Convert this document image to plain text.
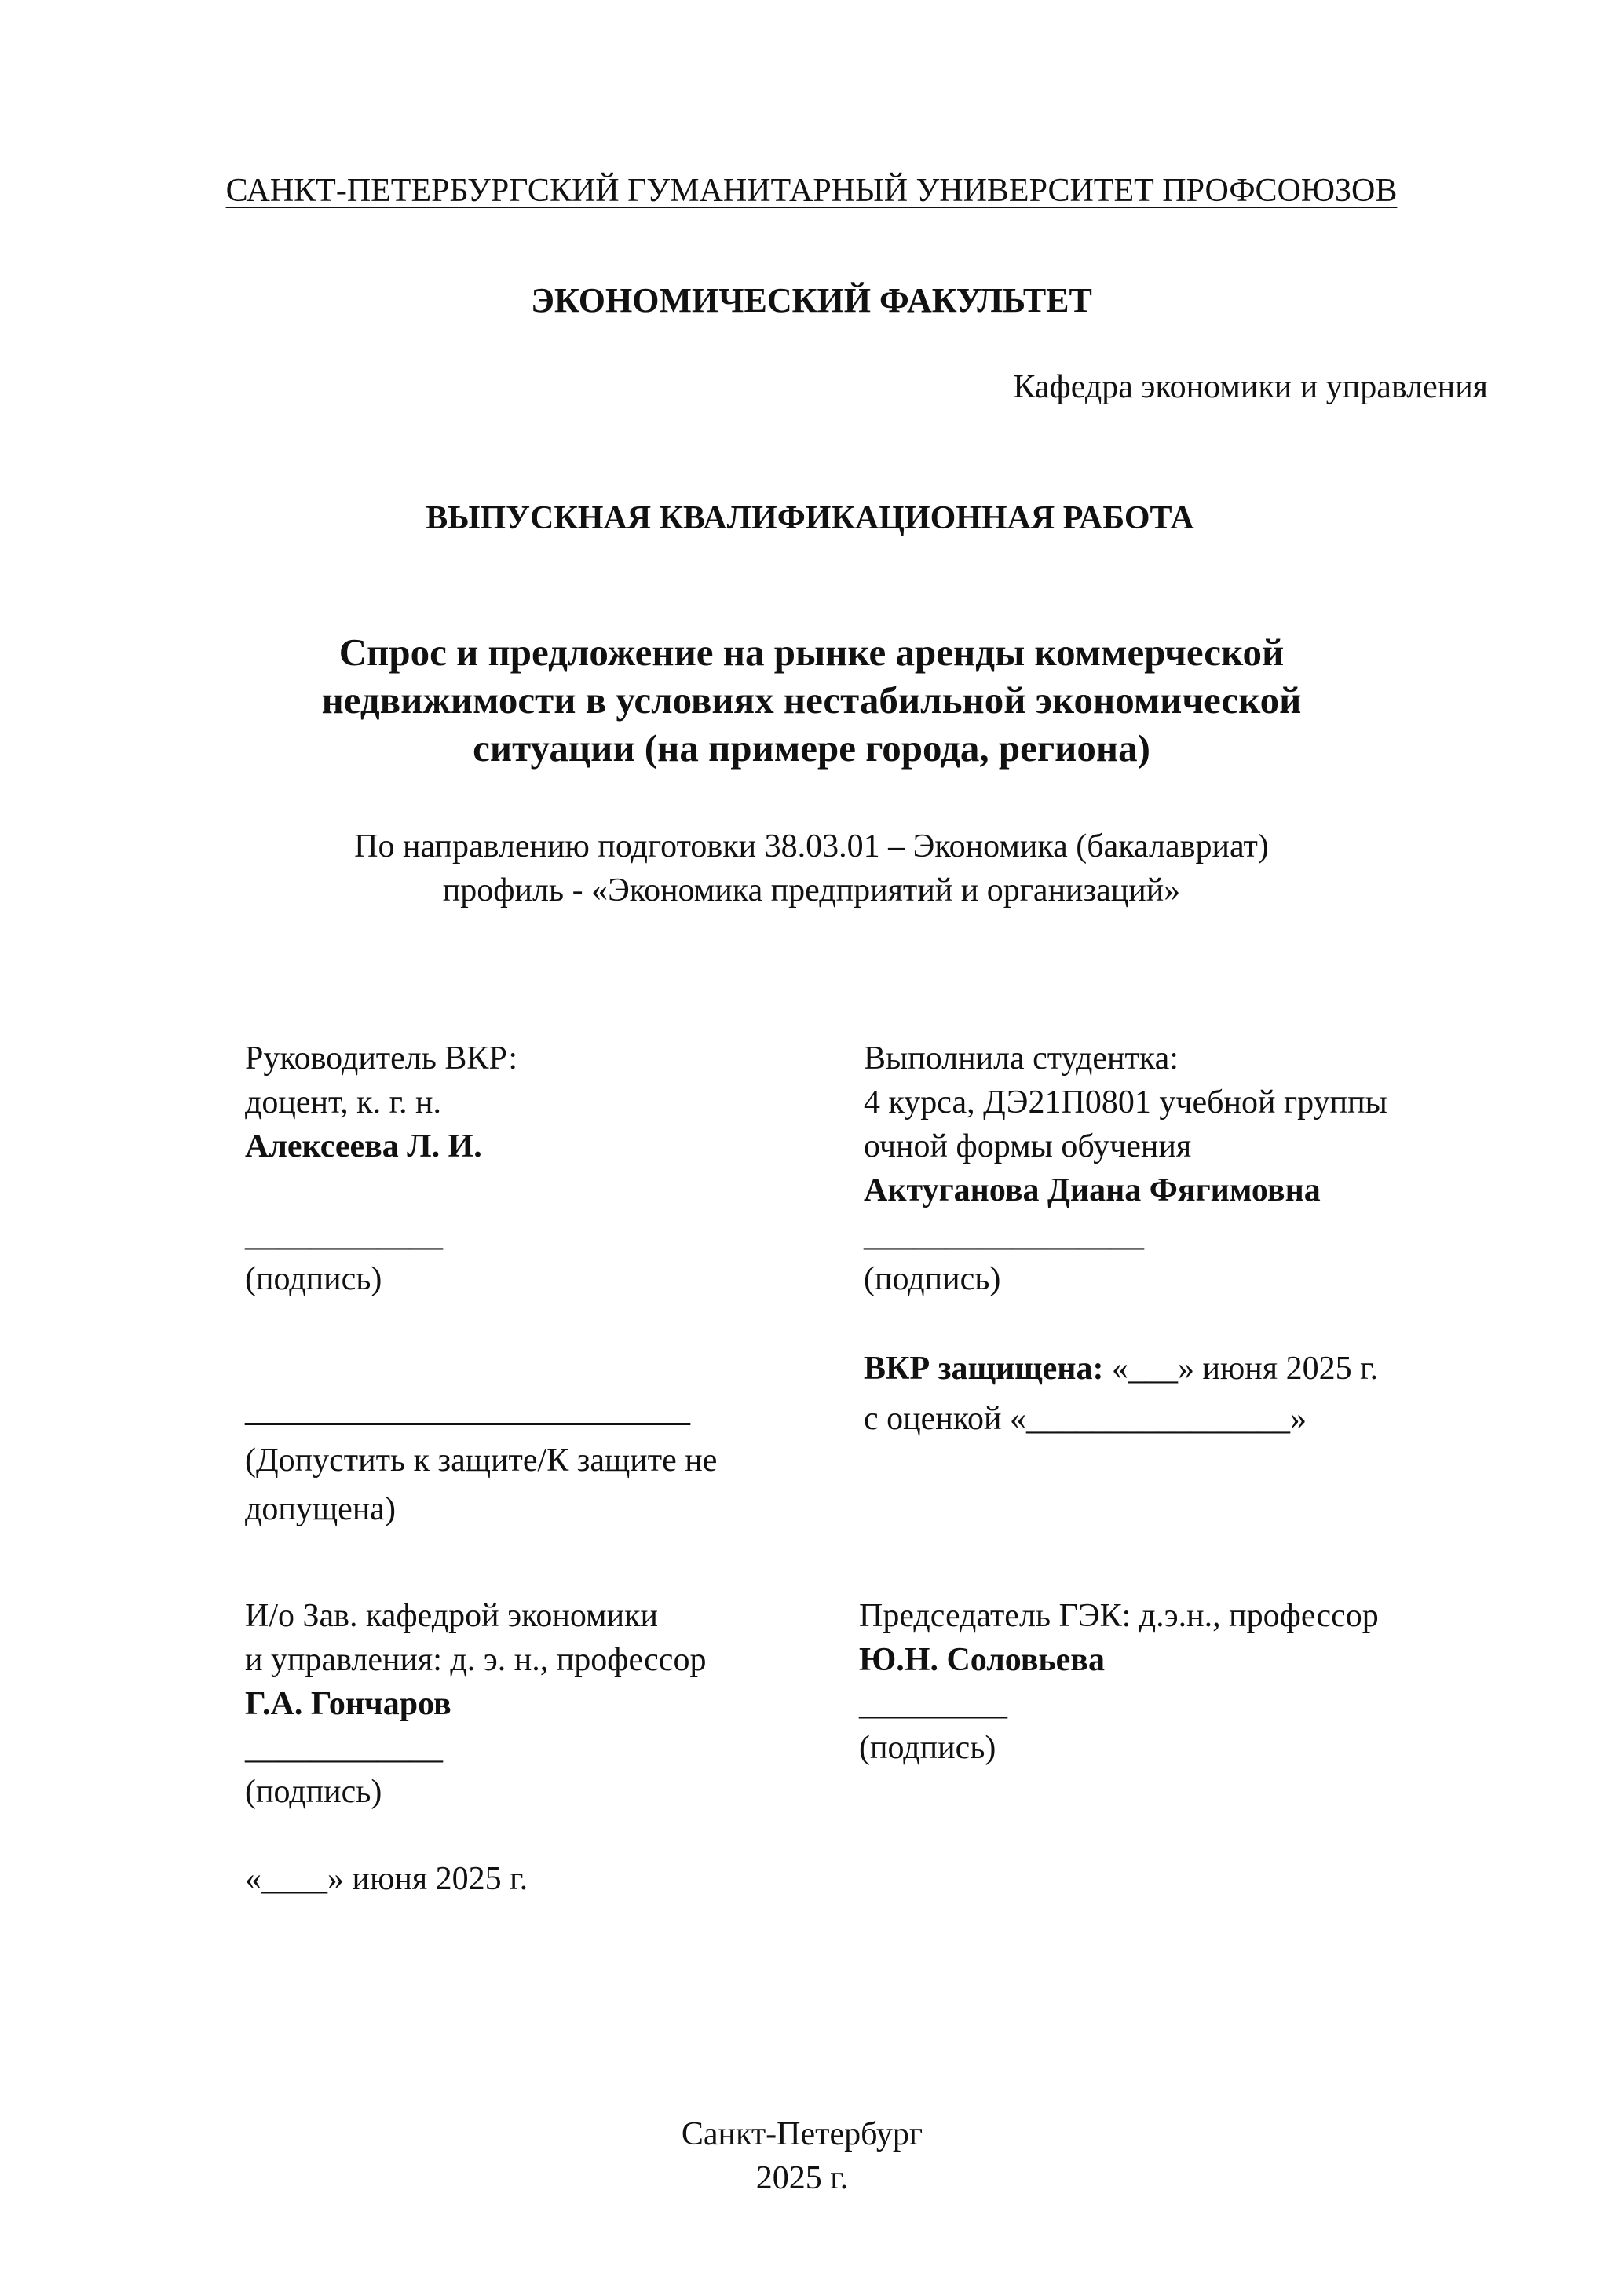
САНКТ-ПЕТЕРБУРГСКИЙ ГУМАНИТАРНЫЙ УНИВЕРСИТЕТ ПРОФСОЮЗОВ
ЭКОНОМИЧЕСКИЙ ФАКУЛЬТЕТ
Кафедра экономики и управления
ВЫПУСКНАЯ КВАЛИФИКАЦИОННАЯ РАБОТА
Спрос и предложение на рынке аренды коммерческой
недвижимости в условиях нестабильной экономической
ситуации (на примере города, региона)
По направлению подготовки 38.03.01 – Экономика (бакалавриат)
профиль - «Экономика предприятий и организаций»
Руководитель ВКР:
доцент, к. г. н.
Алексеева Л. И.
____________
(подпись)
___________________________
(Допустить к защите/К защите не
допущена)
Выполнила студентка:
4 курса, ДЭ21П0801 учебной группы
очной формы обучения
Актуганова Диана Фягимовна
_________________
(подпись)
ВКР защищена: «___» июня 2025 г.
с оценкой «________________»
И/о Зав. кафедрой экономики
и управления: д. э. н., профессор
Г.А. Гончаров
____________
(подпись)
«____» июня 2025 г.
Председатель ГЭК: д.э.н., профессор
Ю.Н. Соловьева
_________
(подпись)
Санкт-Петербург
2025 г.
